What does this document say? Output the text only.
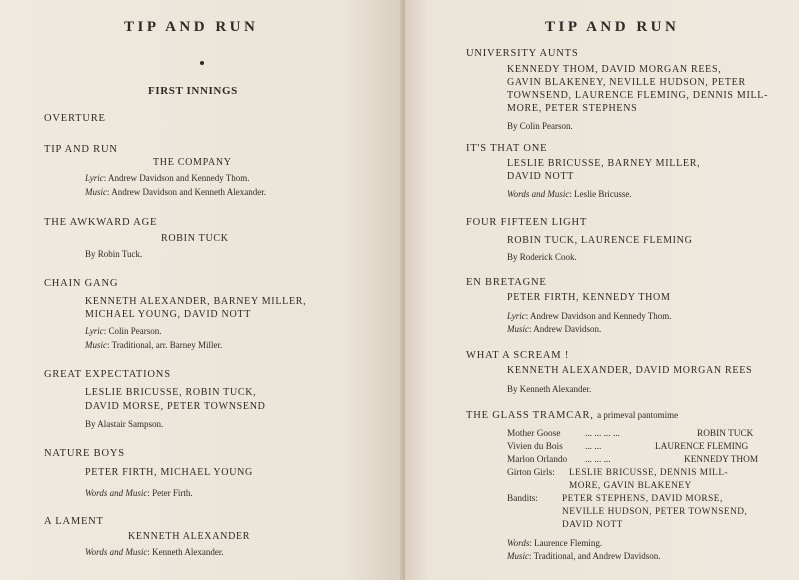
TIP AND RUN
FIRST INNINGS
OVERTURE
TIP AND RUN
THE COMPANY
Lyric: Andrew Davidson and Kennedy Thom.
Music: Andrew Davidson and Kenneth Alexander.
THE AWKWARD AGE
ROBIN TUCK
By Robin Tuck.
CHAIN GANG
KENNETH ALEXANDER, BARNEY MILLER,
MICHAEL YOUNG, DAVID NOTT
Lyric: Colin Pearson.
Music: Traditional, arr. Barney Miller.
GREAT EXPECTATIONS
LESLIE BRICUSSE, ROBIN TUCK,
DAVID MORSE, PETER TOWNSEND
By Alastair Sampson.
NATURE BOYS
PETER FIRTH, MICHAEL YOUNG
Words and Music: Peter Firth.
A LAMENT
KENNETH ALEXANDER
Words and Music: Kenneth Alexander.
TIP AND RUN
UNIVERSITY AUNTS
KENNEDY THOM, DAVID MORGAN REES,
GAVIN BLAKENEY, NEVILLE HUDSON, PETER
TOWNSEND, LAURENCE FLEMING, DENNIS MILL-
MORE, PETER STEPHENS
By Colin Pearson.
IT'S THAT ONE
LESLIE BRICUSSE, BARNEY MILLER,
DAVID NOTT
Words and Music: Leslie Bricusse.
FOUR FIFTEEN LIGHT
ROBIN TUCK, LAURENCE FLEMING
By Roderick Cook.
EN BRETAGNE
PETER FIRTH, KENNEDY THOM
Lyric: Andrew Davidson and Kennedy Thom.
Music: Andrew Davidson.
WHAT A SCREAM !
KENNETH ALEXANDER, DAVID MORGAN REES
By Kenneth Alexander.
THE GLASS TRAMCAR, a primeval pantomime
Mother Goose	... ... ... ...	ROBIN TUCK
Vivien du Bois ... ...	LAURENCE FLEMING
Marlon Orlando ... ... ...	KENNEDY THOM
Girton Girls: LESLIE BRICUSSE, DENNIS MILL-
MORE, GAVIN BLAKENEY
Bandits:	PETER STEPHENS, DAVID MORSE,
NEVILLE HUDSON, PETER TOWNSEND,
DAVID NOTT
Words: Laurence Fleming.
Music: Traditional, and Andrew Davidson.
